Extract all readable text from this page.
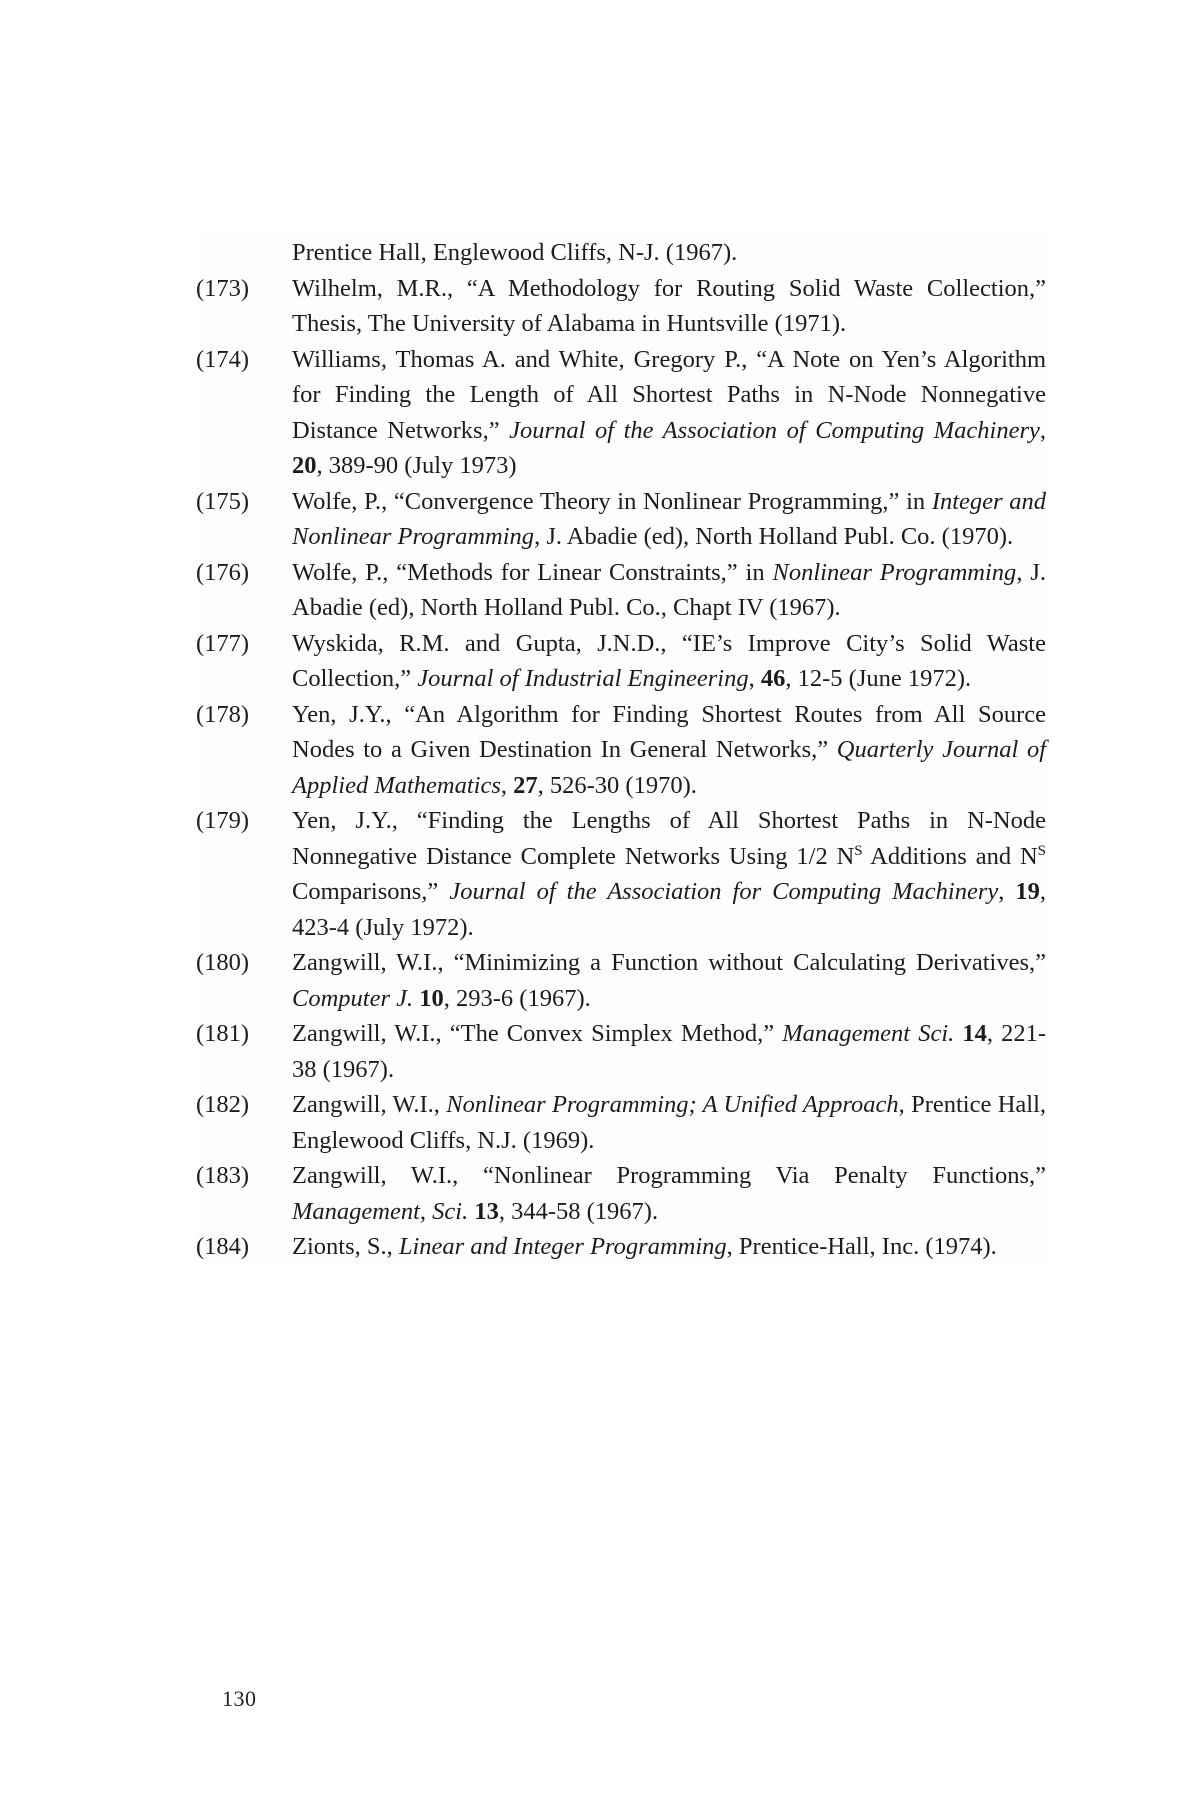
Prentice Hall, Englewood Cliffs, N-J. (1967).
(173) Wilhelm, M.R., “A Methodology for Routing Solid Waste Collection,” Thesis, The University of Alabama in Huntsville (1971).
(174) Williams, Thomas A. and White, Gregory P., “A Note on Yen’s Algorithm for Finding the Length of All Shortest Paths in N-Node Nonnegative Distance Networks,” Journal of the Association of Computing Machinery, 20, 389-90 (July 1973)
(175) Wolfe, P., “Convergence Theory in Nonlinear Programming,” in Integer and Nonlinear Programming, J. Abadie (ed), North Holland Publ. Co. (1970).
(176) Wolfe, P., “Methods for Linear Constraints,” in Nonlinear Programming, J. Abadie (ed), North Holland Publ. Co., Chapt IV (1967).
(177) Wyskida, R.M. and Gupta, J.N.D., “IE’s Improve City’s Solid Waste Collection,” Journal of Industrial Engineering, 46, 12-5 (June 1972).
(178) Yen, J.Y., “An Algorithm for Finding Shortest Routes from All Source Nodes to a Given Destination In General Networks,” Quarterly Journal of Applied Mathematics, 27, 526-30 (1970).
(179) Yen, J.Y., “Finding the Lengths of All Shortest Paths in N-Node Nonnegative Distance Complete Networks Using 1/2 $N^S$ Additions and $N^S$ Comparisons,” Journal of the Association for Computing Machinery, 19, 423-4 (July 1972).
(180) Zangwill, W.I., “Minimizing a Function without Calculating Derivatives,” Computer J. 10, 293-6 (1967).
(181) Zangwill, W.I., “The Convex Simplex Method,” Management Sci. 14, 221-38 (1967).
(182) Zangwill, W.I., Nonlinear Programming; A Unified Approach, Prentice Hall, Englewood Cliffs, N.J. (1969).
(183) Zangwill, W.I., “Nonlinear Programming Via Penalty Functions,” Management, Sci. 13, 344-58 (1967).
(184) Zionts, S., Linear and Integer Programming, Prentice-Hall, Inc. (1974).
130
